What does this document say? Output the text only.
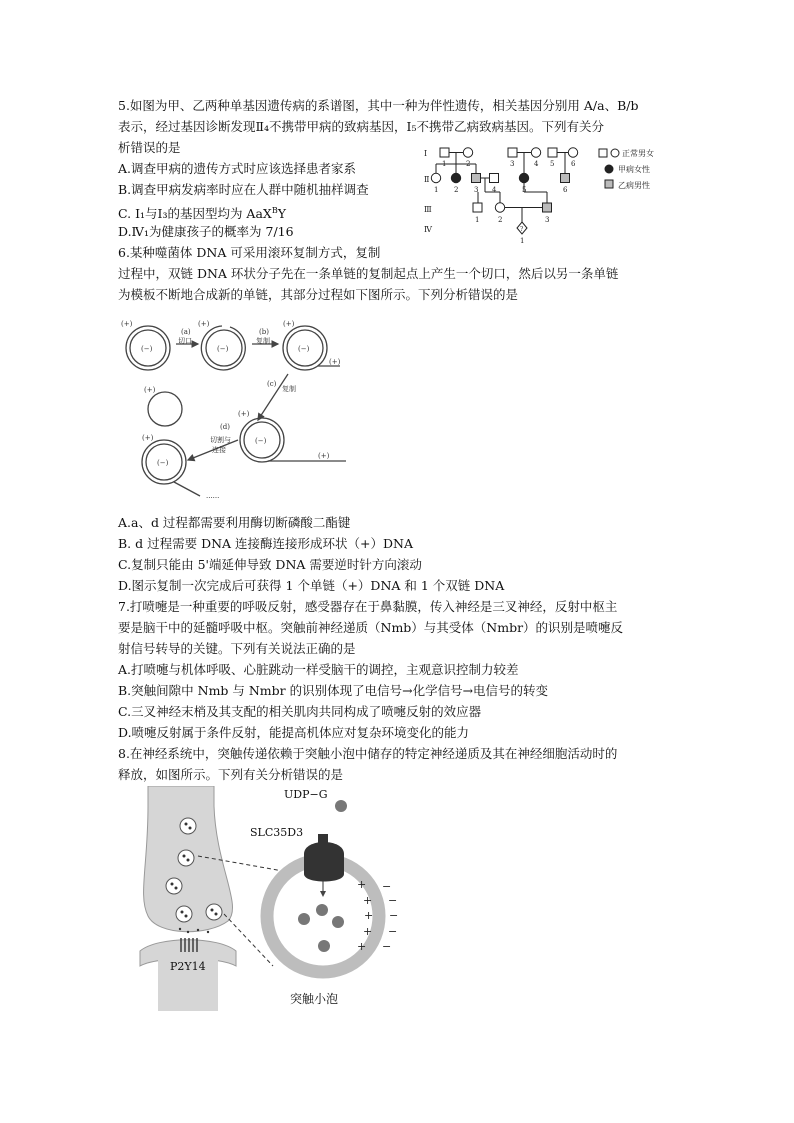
5.如图为甲、乙两种单基因遗传病的系谱图，其中一种为伴性遗传，相关基因分别用 A/a、B/b
表示，经过基因诊断发现Ⅱ₄不携带甲病的致病基因，Ⅰ₅不携带乙病致病基因。下列有关分
析错误的是
A.调查甲病的遗传方式时应该选择患者家系
B.调查甲病发病率时应在人群中随机抽样调查
C. Ⅰ₁与Ⅰ₃的基因型均为 AaX$^B$Y
D.Ⅳ₁为健康孩子的概率为 7/16
Ⅰ
Ⅱ
Ⅲ
Ⅳ
1	2	3	4 5 6
1 2 3 4	5	6
1	2	3
1
?
正常男女
甲病女性
乙病男性
6.某种噬菌体 DNA 可采用滚环复制方式，复制
过程中，双链 DNA 环状分子先在一条单链的复制起点上产生一个切口，然后以另一条单链
为模板不断地合成新的单链，其部分过程如下图所示。下列分析错误的是
(−)
(+)
(a)
切口
(−)
(+)
(b)
复制
(−)
(+)
(+)
(c)
复制
(+)
(+)
(−)
(+)
(d)
切割与
连接
(+)
(−)
......
A.a、d 过程都需要利用酶切断磷酸二酯键
B. d 过程需要 DNA 连接酶连接形成环状（+）DNA
C.复制只能由 5'端延伸导致 DNA 需要逆时针方向滚动
D.图示复制一次完成后可获得 1 个单链（+）DNA 和 1 个双链 DNA
7.打喷嚏是一种重要的呼吸反射，感受器存在于鼻黏膜，传入神经是三叉神经，反射中枢主
要是脑干中的延髓呼吸中枢。突触前神经递质（Nmb）与其受体（Nmbr）的识别是喷嚏反
射信号转导的关键。下列有关说法正确的是
A.打喷嚏与机体呼吸、心脏跳动一样受脑干的调控，主观意识控制力较差
B.突触间隙中 Nmb 与 Nmbr 的识别体现了电信号→化学信号→电信号的转变
C.三叉神经末梢及其支配的相关肌肉共同构成了喷嚏反射的效应器
D.喷嚏反射属于条件反射，能提高机体应对复杂环境变化的能力
8.在神经系统中，突触传递依赖于突触小泡中储存的特定神经递质及其在神经细胞活动时的
释放，如图所示。下列有关分析错误的是
P2Y14
UDP−G
SLC35D3
+
+
+
+
+
−
−
−
−
−
突触小泡
